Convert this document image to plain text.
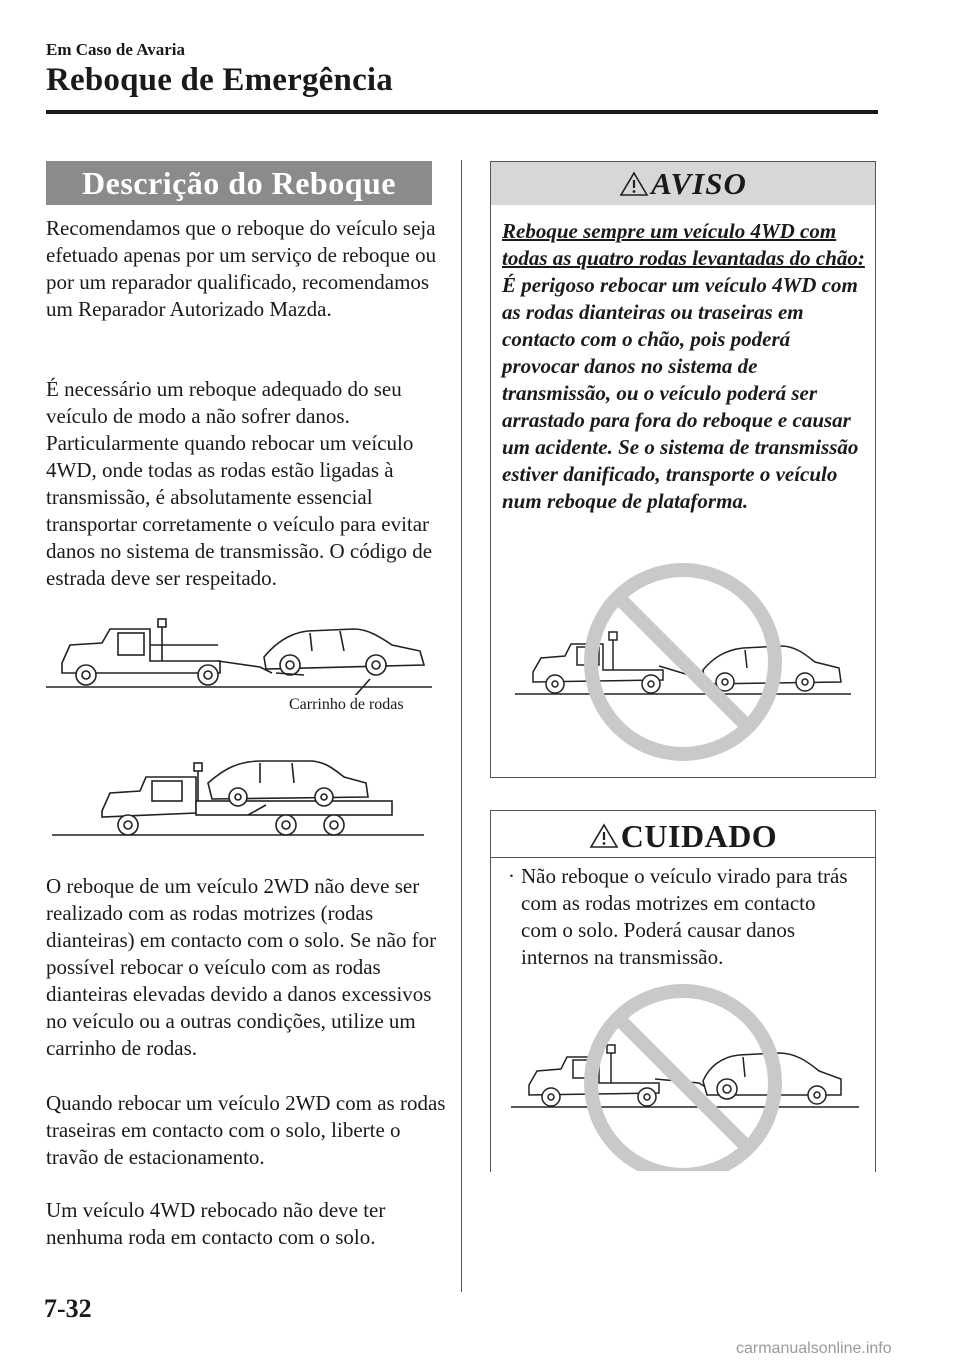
Em Caso de Avaria
Reboque de Emergência
Descrição do Reboque
Recomendamos que o reboque do veículo seja efetuado apenas por um serviço de reboque ou por um reparador qualificado, recomendamos um Reparador Autorizado Mazda.
É necessário um reboque adequado do seu veículo de modo a não sofrer danos. Particularmente quando rebocar um veículo 4WD, onde todas as rodas estão ligadas à transmissão, é absolutamente essencial transportar corretamente o veículo para evitar danos no sistema de transmissão. O código de estrada deve ser respeitado.
Carrinho de rodas
O reboque de um veículo 2WD não deve ser realizado com as rodas motrizes (rodas dianteiras) em contacto com o solo. Se não for possível rebocar o veículo com as rodas dianteiras elevadas devido a danos excessivos no veículo ou a outras condições, utilize um carrinho de rodas.
Quando rebocar um veículo 2WD com as rodas traseiras em contacto com o solo, liberte o travão de estacionamento.
Um veículo 4WD rebocado não deve ter nenhuma roda em contacto com o solo.
AVISO
Reboque sempre um veículo 4WD com todas as quatro rodas levantadas do chão:
É perigoso rebocar um veículo 4WD com as rodas dianteiras ou traseiras em contacto com o chão, pois poderá provocar danos no sistema de transmissão, ou o veículo poderá ser arrastado para fora do reboque e causar um acidente. Se o sistema de transmissão estiver danificado, transporte o veículo num reboque de plataforma.
CUIDADO
· Não reboque o veículo virado para trás com as rodas motrizes em contacto com o solo. Poderá causar danos internos na transmissão.
7-32
carmanualsonline.info
